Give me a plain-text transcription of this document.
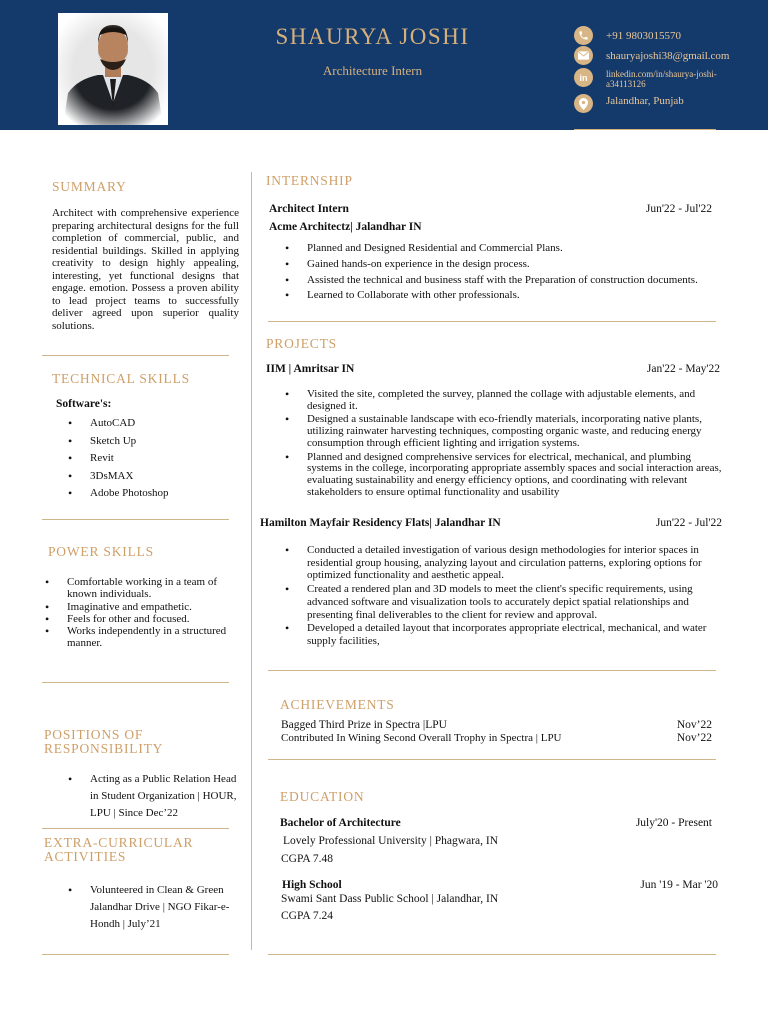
SHAURYA JOSHI
Architecture Intern
+91 9803015570
shauryajoshi38@gmail.com
in linkedin.com/in/shaurya-joshi-a34113126
Jalandhar, Punjab
SUMMARY
Architect with comprehensive experience preparing architectural designs for the full completion of commercial, public, and residential buildings. Skilled in applying creativity to design highly appealing, interesting, yet functional designs that engage. emotion. Possess a proven ability to lead project teams to successfully deliver agreed upon superior quality solutions.
TECHNICAL SKILLS
Software's:
• AutoCAD
• Sketch Up
• Revit
• 3DsMAX
• Adobe Photoshop
POWER SKILLS
• Comfortable working in a team of known individuals.
• Imaginative and empathetic.
• Feels for other and focused.
• Works independently in a structured manner.
POSITIONS OF
RESPONSIBILITY
• Acting as a Public Relation Head in Student Organization | HOUR, LPU | Since Dec’22
EXTRA-CURRICULAR
ACTIVITIES
• Volunteered in Clean & Green Jalandhar Drive | NGO Fikar-e-Hondh | July’21
INTERNSHIP
Architect Intern	Jun'22 - Jul'22
Acme Architectz| Jalandhar IN
• Planned and Designed Residential and Commercial Plans.
• Gained hands-on experience in the design process.
• Assisted the technical and business staff with the Preparation of construction documents.
• Learned to Collaborate with other professionals.
PROJECTS
IIM | Amritsar IN	Jan'22 - May'22
• Visited the site, completed the survey, planned the collage with adjustable elements, and designed it.
• Designed a sustainable landscape with eco-friendly materials, incorporating native plants, utilizing rainwater harvesting techniques, composting organic waste, and reducing energy consumption through efficient lighting and irrigation systems.
• Planned and designed comprehensive services for electrical, mechanical, and plumbing systems in the college, incorporating appropriate assembly spaces and social interaction areas, evaluating sustainability and energy efficiency options, and coordinating with relevant stakeholders to ensure optimal functionality and usability
Hamilton Mayfair Residency Flats| Jalandhar IN	Jun'22 - Jul'22
• Conducted a detailed investigation of various design methodologies for interior spaces in residential group housing, analyzing layout and circulation patterns, exploring options for optimized functionality and aesthetic appeal.
• Created a rendered plan and 3D models to meet the client's specific requirements, using advanced software and visualization tools to accurately depict spatial relationships and presenting final deliverables to the client for review and approval.
• Developed a detailed layout that incorporates appropriate electrical, mechanical, and water supply facilities,
ACHIEVEMENTS
Bagged Third Prize in Spectra |LPU	Nov’22
Contributed In Wining Second Overall Trophy in Spectra | LPU	Nov’22
EDUCATION
Bachelor of Architecture	July'20 - Present
Lovely Professional University | Phagwara, IN
CGPA 7.48
High School	Jun '19 - Mar '20
Swami Sant Dass Public School | Jalandhar, IN
CGPA 7.24
